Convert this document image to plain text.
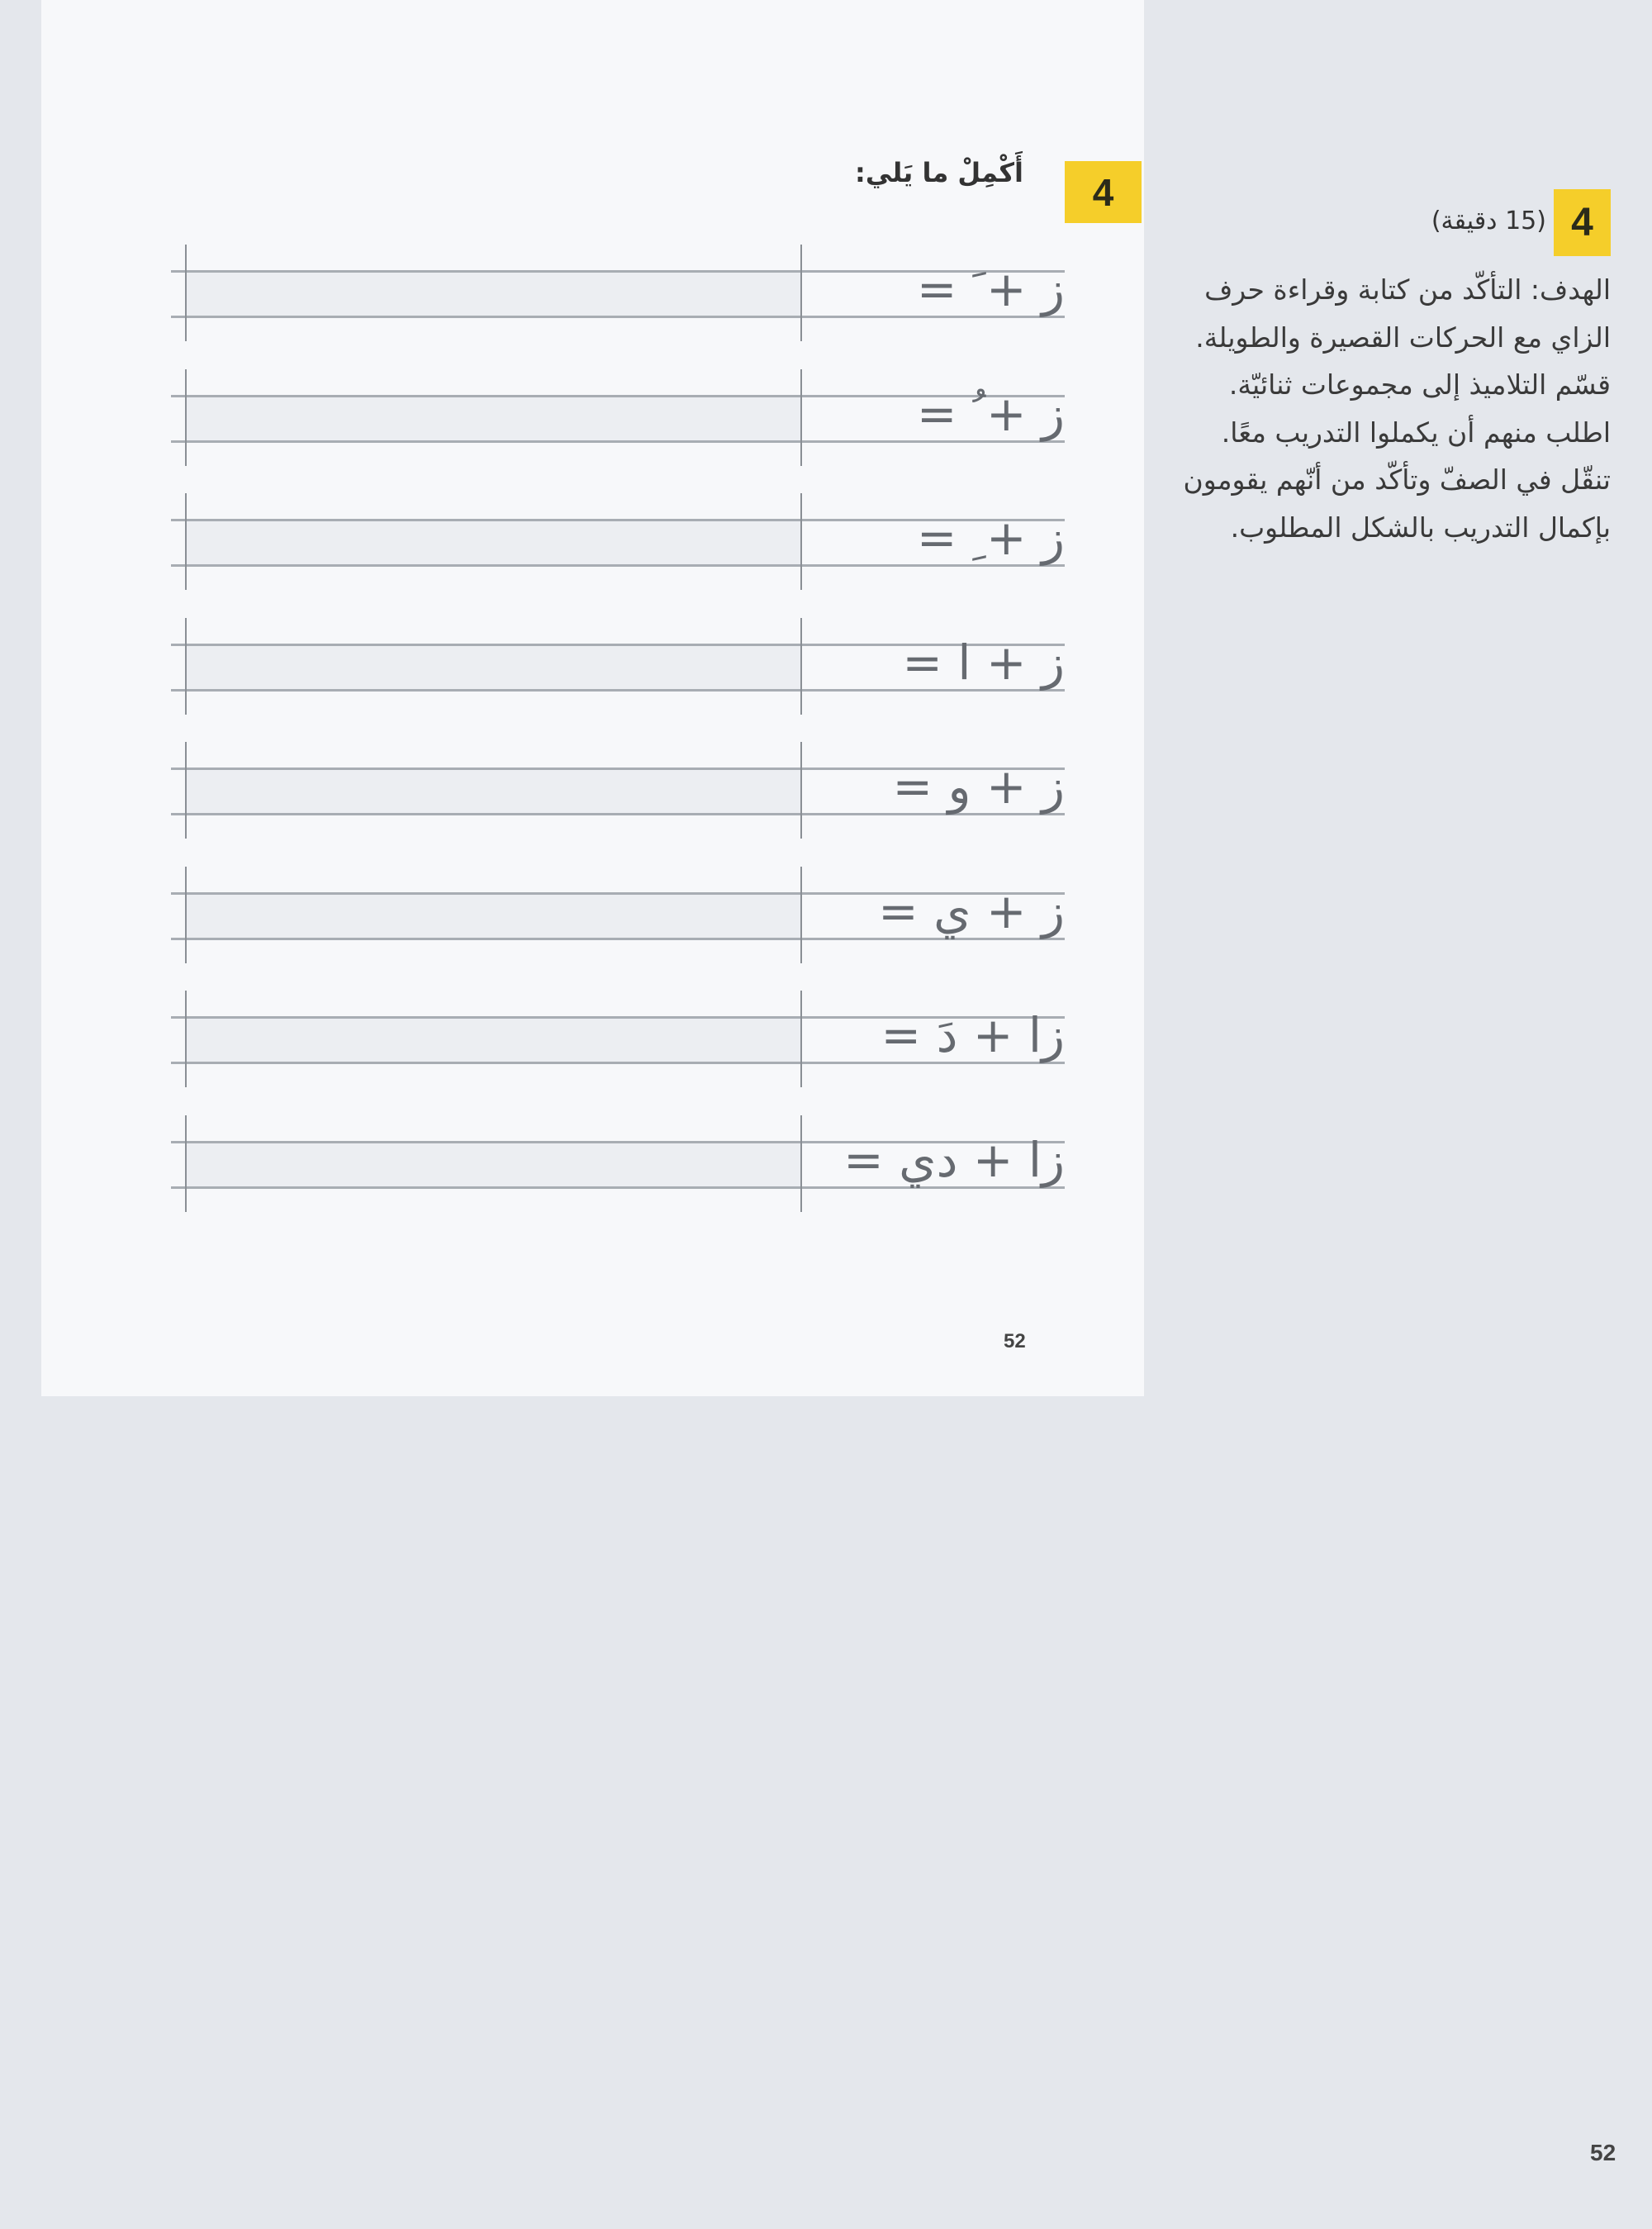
4
أَكْمِلْ ما يَلي:
ز + َ =
ز + ُ =
ز + ِ =
ز + ا =
ز + و =
ز + ي =
زا + دَ =
زا + دي =
52
4
(15 دقيقة)
الهدف: التأكّد من كتابة وقراءة حرف
الزاي مع الحركات القصيرة والطويلة.
قسّم التلاميذ إلى مجموعات ثنائيّة.
اطلب منهم أن يكملوا التدريب معًا.
تنقّل في الصفّ وتأكّد من أنّهم يقومون
بإكمال التدريب بالشكل المطلوب.
52
